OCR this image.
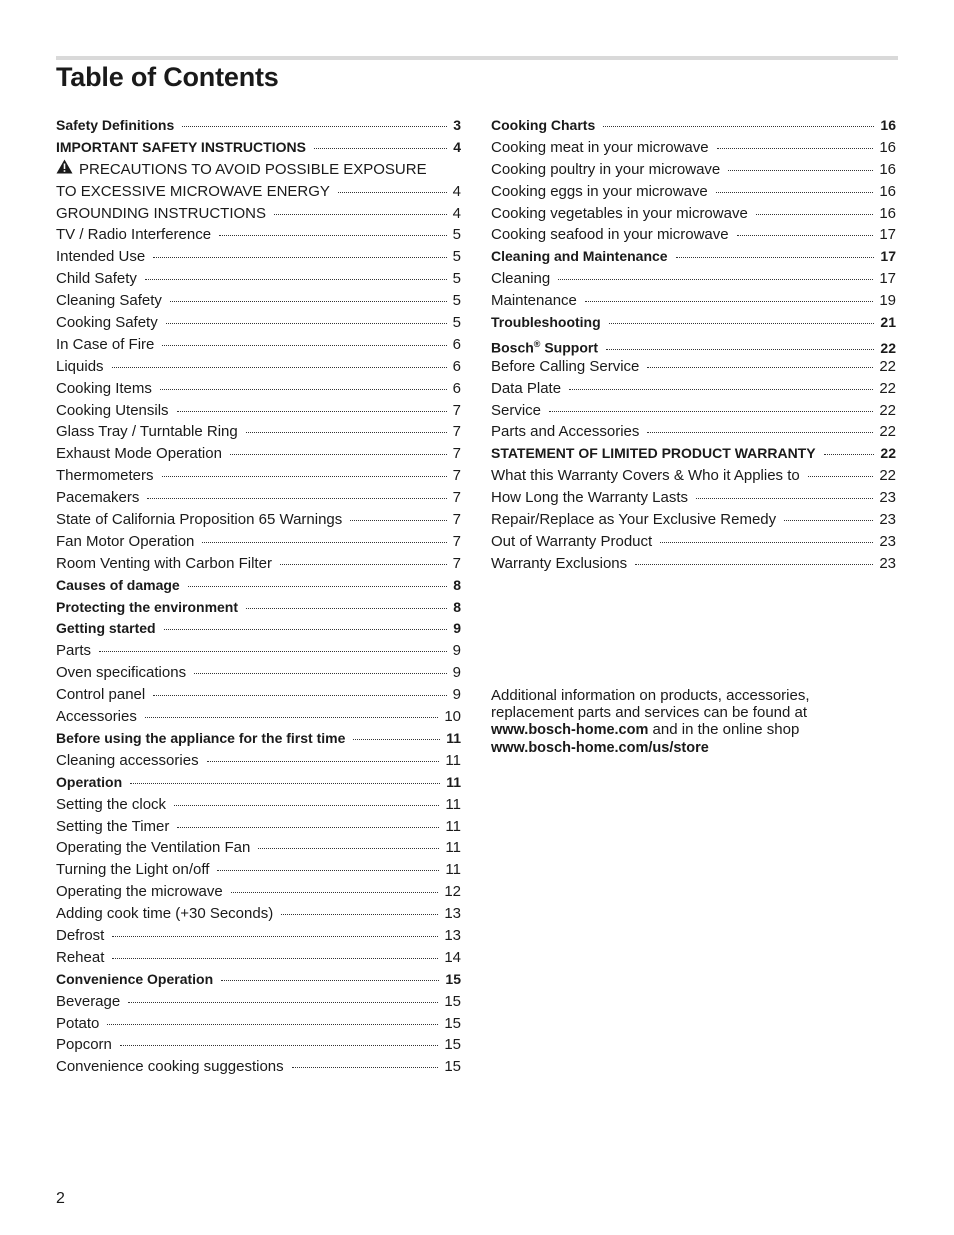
Table of Contents
Safety Definitions	3
IMPORTANT SAFETY INSTRUCTIONS	4
PRECAUTIONS TO AVOID POSSIBLE EXPOSURE
TO EXCESSIVE MICROWAVE ENERGY	4
GROUNDING INSTRUCTIONS	4
TV / Radio Interference	5
Intended Use	5
Child Safety	5
Cleaning Safety	5
Cooking Safety	5
In Case of Fire	6
Liquids	6
Cooking Items	6
Cooking Utensils	7
Glass Tray / Turntable Ring	7
Exhaust Mode Operation	7
Thermometers	7
Pacemakers	7
State of California Proposition 65 Warnings	7
Fan Motor Operation	7
Room Venting with Carbon Filter	7
Causes of damage	8
Protecting the environment	8
Getting started	9
Parts	9
Oven specifications	9
Control panel	9
Accessories	10
Before using the appliance for the first time	11
Cleaning accessories	11
Operation	11
Setting the clock	11
Setting the Timer	11
Operating the Ventilation Fan	11
Turning the Light on/off	11
Operating the microwave	12
Adding cook time (+30 Seconds)	13
Defrost	13
Reheat	14
Convenience Operation	15
Beverage	15
Potato	15
Popcorn	15
Convenience cooking suggestions	15
Cooking Charts	16
Cooking meat in your microwave	16
Cooking poultry in your microwave	16
Cooking eggs in your microwave	16
Cooking vegetables in your microwave	16
Cooking seafood in your microwave	17
Cleaning and Maintenance	17
Cleaning	17
Maintenance	19
Troubleshooting	21
Bosch® Support	22
Before Calling Service	22
Data Plate	22
Service	22
Parts and Accessories	22
STATEMENT OF LIMITED PRODUCT WARRANTY	22
What this Warranty Covers & Who it Applies to	22
How Long the Warranty Lasts	23
Repair/Replace as Your Exclusive Remedy	23
Out of Warranty Product	23
Warranty Exclusions	23
Additional information on products, accessories, replacement parts and services can be found at www.bosch-home.com and in the online shop
www.bosch-home.com/us/store
2
